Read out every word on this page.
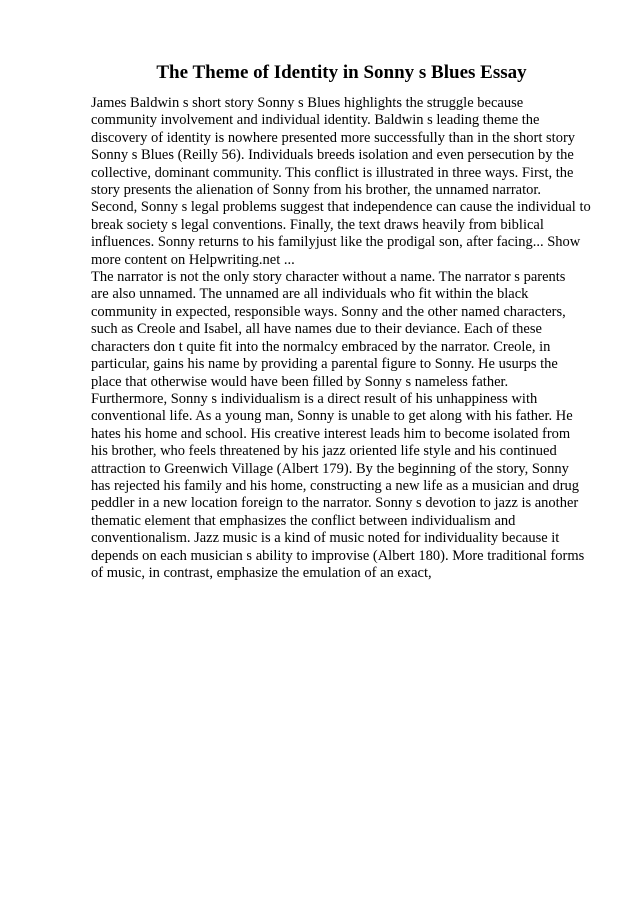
The Theme of Identity in Sonny s Blues Essay
James Baldwin s short story Sonny s Blues highlights the struggle because
community involvement and individual identity. Baldwin s leading theme the
discovery of identity is nowhere presented more successfully than in the short story
Sonny s Blues (Reilly 56). Individuals breeds isolation and even persecution by the
collective, dominant community. This conflict is illustrated in three ways. First, the
story presents the alienation of Sonny from his brother, the unnamed narrator.
Second, Sonny s legal problems suggest that independence can cause the individual to
break society s legal conventions. Finally, the text draws heavily from biblical
influences. Sonny returns to his familyjust like the prodigal son, after facing... Show
more content on Helpwriting.net ...
The narrator is not the only story character without a name. The narrator s parents
are also unnamed. The unnamed are all individuals who fit within the black
community in expected, responsible ways. Sonny and the other named characters,
such as Creole and Isabel, all have names due to their deviance. Each of these
characters don t quite fit into the normalcy embraced by the narrator. Creole, in
particular, gains his name by providing a parental figure to Sonny. He usurps the
place that otherwise would have been filled by Sonny s nameless father.
Furthermore, Sonny s individualism is a direct result of his unhappiness with
conventional life. As a young man, Sonny is unable to get along with his father. He
hates his home and school. His creative interest leads him to become isolated from
his brother, who feels threatened by his jazz oriented life style and his continued
attraction to Greenwich Village (Albert 179). By the beginning of the story, Sonny
has rejected his family and his home, constructing a new life as a musician and drug
peddler in a new location foreign to the narrator. Sonny s devotion to jazz is another
thematic element that emphasizes the conflict between individualism and
conventionalism. Jazz music is a kind of music noted for individuality because it
depends on each musician s ability to improvise (Albert 180). More traditional forms
of music, in contrast, emphasize the emulation of an exact,
